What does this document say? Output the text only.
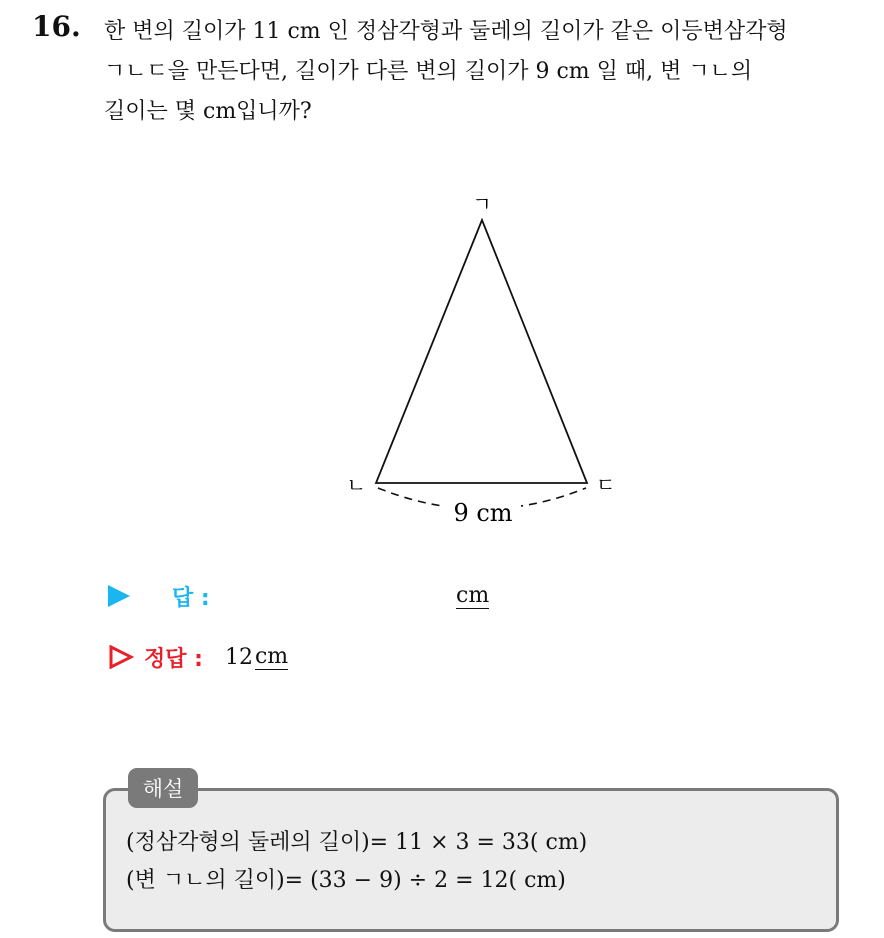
16. 한 변의 길이가 11 cm 인 정삼각형과 둘레의 길이가 같은 이등변삼각형
ㄱㄴㄷ을 만든다면, 길이가 다른 변의 길이가 9 cm 일 때, 변 ㄱㄴ의
길이는 몇 cm입니까?
ㄱ
ㄴ	ㄷ
9 cm
답 :	cm
정답 : 12 cm
해설
(정삼각형의 둘레의 길이)= 11 × 3 = 33( cm)
(변 ㄱㄴ의 길이)= (33 − 9) ÷ 2 = 12( cm)
